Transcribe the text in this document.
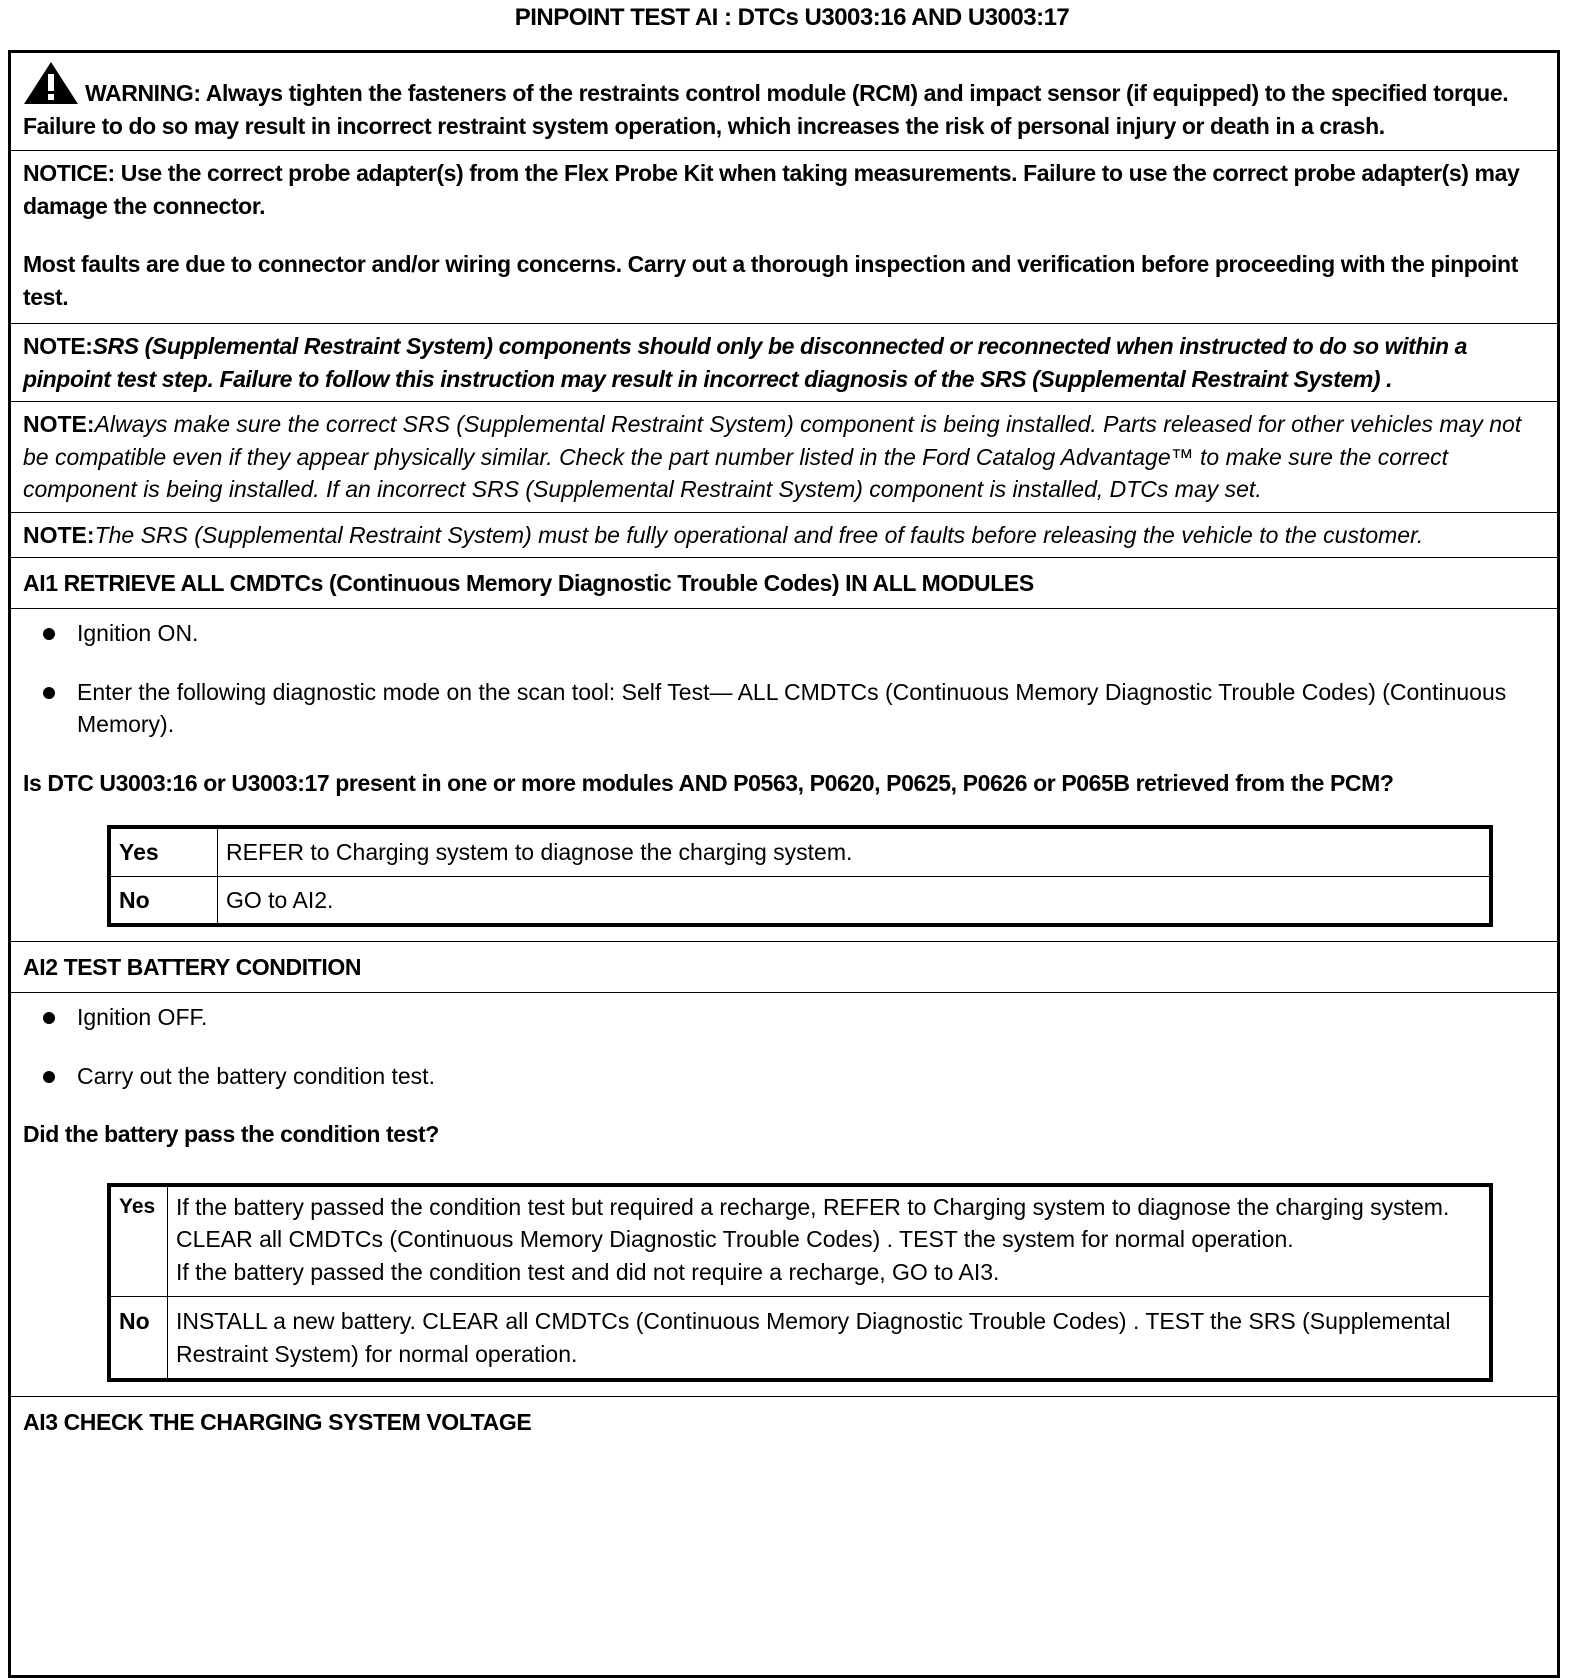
PINPOINT TEST AI : DTCs U3003:16 AND U3003:17
WARNING: Always tighten the fasteners of the restraints control module (RCM) and impact sensor (if equipped) to the specified torque. Failure to do so may result in incorrect restraint system operation, which increases the risk of personal injury or death in a crash.

NOTICE: Use the correct probe adapter(s) from the Flex Probe Kit when taking measurements. Failure to use the correct probe adapter(s) may damage the connector.

Most faults are due to connector and/or wiring concerns. Carry out a thorough inspection and verification before proceeding with the pinpoint test.

NOTE:SRS (Supplemental Restraint System) components should only be disconnected or reconnected when instructed to do so within a pinpoint test step. Failure to follow this instruction may result in incorrect diagnosis of the SRS (Supplemental Restraint System) .
NOTE:Always make sure the correct SRS (Supplemental Restraint System) component is being installed. Parts released for other vehicles may not be compatible even if they appear physically similar. Check the part number listed in the Ford Catalog Advantage™ to make sure the correct component is being installed. If an incorrect SRS (Supplemental Restraint System) component is installed, DTCs may set.
NOTE:The SRS (Supplemental Restraint System) must be fully operational and free of faults before releasing the vehicle to the customer.
AI1 RETRIEVE ALL CMDTCs (Continuous Memory Diagnostic Trouble Codes) IN ALL MODULES
Ignition ON.
Enter the following diagnostic mode on the scan tool: Self Test— ALL CMDTCs (Continuous Memory Diagnostic Trouble Codes) (Continuous Memory).

Is DTC U3003:16 or U3003:17 present in one or more modules AND P0563, P0620, P0625, P0626 or P065B retrieved from the PCM?

Yes	REFER to Charging system to diagnose the charging system.
No	GO to AI2.
AI2 TEST BATTERY CONDITION
Ignition OFF.
Carry out the battery condition test.

Did the battery pass the condition test?

Yes	If the battery passed the condition test but required a recharge, REFER to Charging system to diagnose the charging system. CLEAR all CMDTCs (Continuous Memory Diagnostic Trouble Codes) . TEST the system for normal operation.
If the battery passed the condition test and did not require a recharge, GO to AI3.

No	INSTALL a new battery. CLEAR all CMDTCs (Continuous Memory Diagnostic Trouble Codes) . TEST the SRS (Supplemental Restraint System) for normal operation.
AI3 CHECK THE CHARGING SYSTEM VOLTAGE
